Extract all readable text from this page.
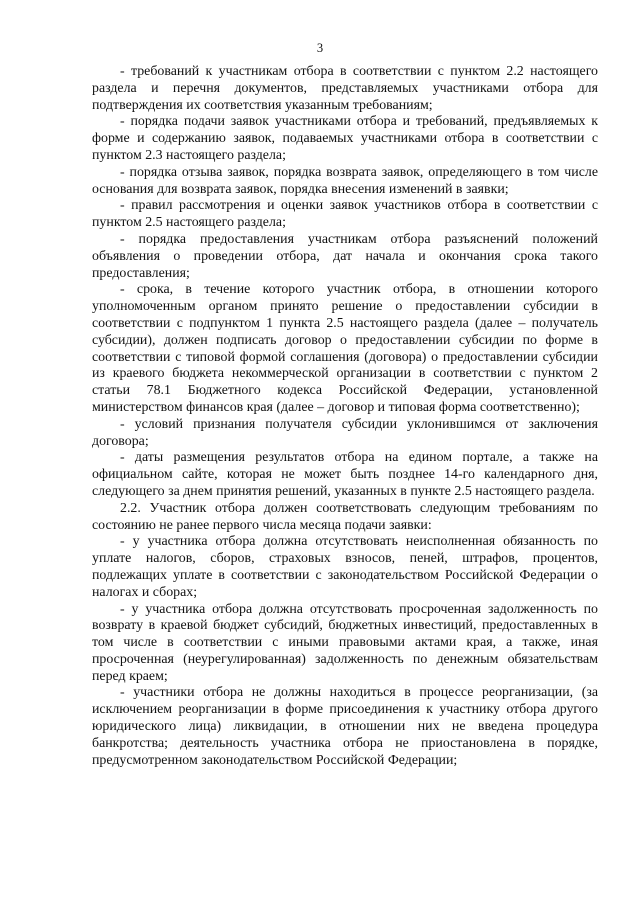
3

- требований к участникам отбора в соответствии с пунктом 2.2 настоящего раздела и перечня документов, представляемых участниками отбора для подтверждения их соответствия указанным требованиям;

- порядка подачи заявок участниками отбора и требований, предъявляемых к форме и содержанию заявок, подаваемых участниками отбора в соответствии с пунктом 2.3 настоящего раздела;

- порядка отзыва заявок, порядка возврата заявок, определяющего в том числе основания для возврата заявок, порядка внесения изменений в заявки;

- правил рассмотрения и оценки заявок участников отбора в соответствии с пунктом 2.5 настоящего раздела;

- порядка предоставления участникам отбора разъяснений положений объявления о проведении отбора, дат начала и окончания срока такого предоставления;

- срока, в течение которого участник отбора, в отношении которого уполномоченным органом принято решение о предоставлении субсидии в соответствии с подпунктом 1 пункта 2.5 настоящего раздела (далее – получатель субсидии), должен подписать договор о предоставлении субсидии по форме в соответствии с типовой формой соглашения (договора) о предоставлении субсидии из краевого бюджета некоммерческой организации в соответствии с пунктом 2 статьи 78.1 Бюджетного кодекса Российской Федерации, установленной министерством финансов края (далее – договор и типовая форма соответственно);

- условий признания получателя субсидии уклонившимся от заключения договора;

- даты размещения результатов отбора на едином портале, а также на официальном сайте, которая не может быть позднее 14-го календарного дня, следующего за днем принятия решений, указанных в пункте 2.5 настоящего раздела.

2.2. Участник отбора должен соответствовать следующим требованиям по состоянию не ранее первого числа месяца подачи заявки:

- у участника отбора должна отсутствовать неисполненная обязанность по уплате налогов, сборов, страховых взносов, пеней, штрафов, процентов, подлежащих уплате в соответствии с законодательством Российской Федерации о налогах и сборах;

- у участника отбора должна отсутствовать просроченная задолженность по возврату в краевой бюджет субсидий, бюджетных инвестиций, предоставленных в том числе в соответствии с иными правовыми актами края, а также, иная просроченная (неурегулированная) задолженность по денежным обязательствам перед краем;

- участники отбора не должны находиться в процессе реорганизации, (за исключением реорганизации в форме присоединения к участнику отбора другого юридического лица) ликвидации, в отношении них не введена процедура банкротства; деятельность участника отбора не приостановлена в порядке, предусмотренном законодательством Российской Федерации;
